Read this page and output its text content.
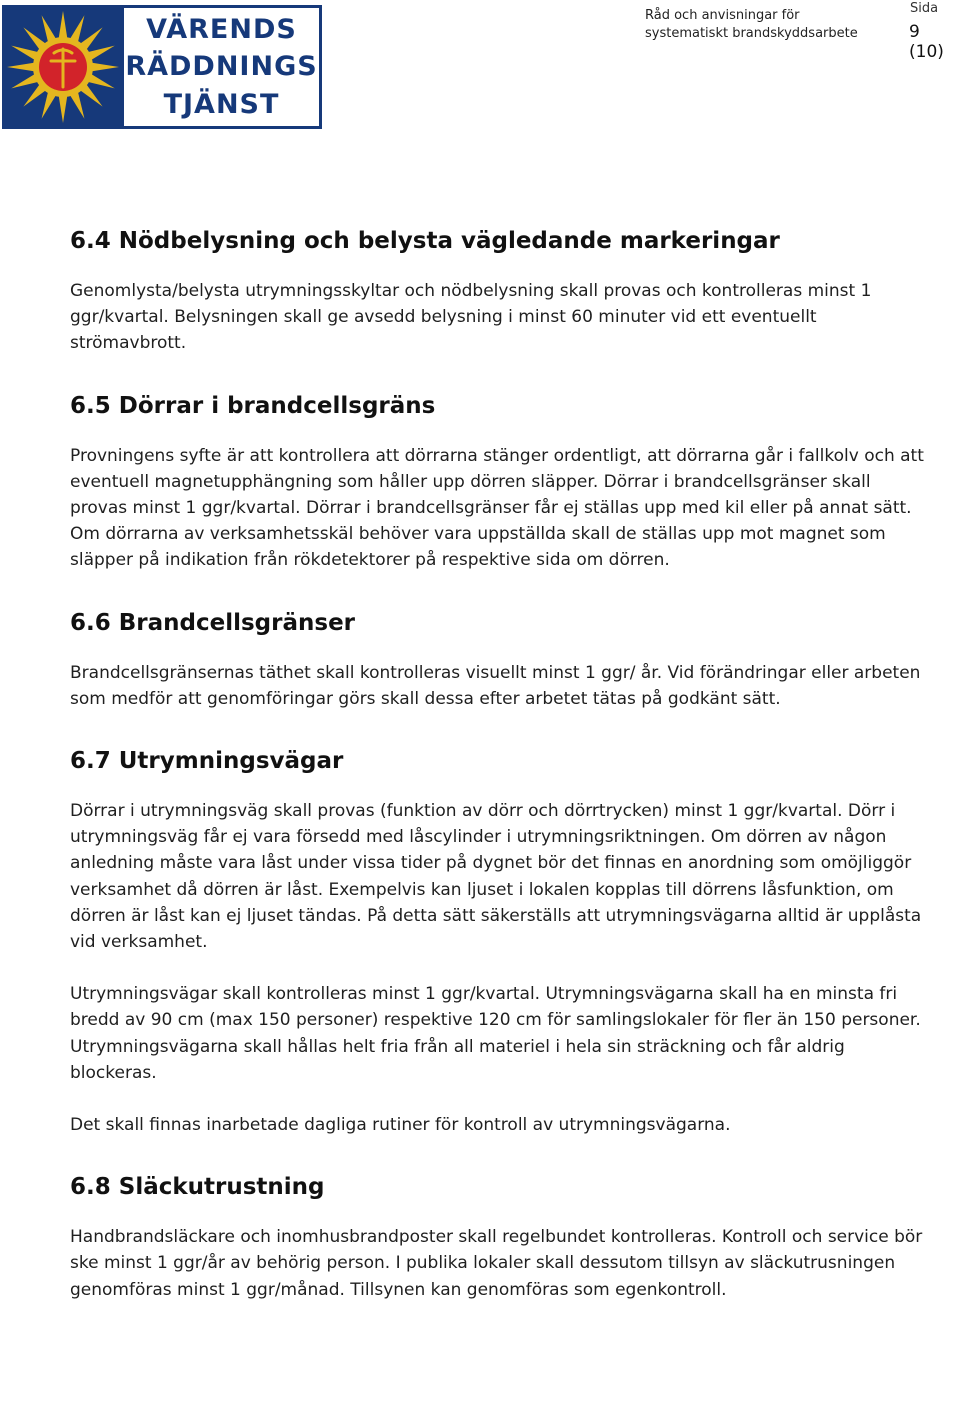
VÄRENDS
RÄDDNINGS
TJÄNST
Råd och anvisningar för
systematiskt brandskyddsarbete
Sida
9 (10)
6.4 Nödbelysning och belysta vägledande markeringar

Genomlysta/belysta utrymningsskyltar och nödbelysning skall provas och kontrolleras minst 1 ggr/kvartal. Belysningen skall ge avsedd belysning i minst 60 minuter vid ett eventuellt strömavbrott.

6.5 Dörrar i brandcellsgräns

Provningens syfte är att kontrollera att dörrarna stänger ordentligt, att dörrarna går i fallkolv och att eventuell magnetupphängning som håller upp dörren släpper. Dörrar i brandcellsgränser skall provas minst 1 ggr/kvartal. Dörrar i brandcellsgränser får ej ställas upp med kil eller på annat sätt. Om dörrarna av verksamhetsskäl behöver vara uppställda skall de ställas upp mot magnet som släpper på indikation från rökdetektorer på respektive sida om dörren.

6.6 Brandcellsgränser

Brandcellsgränsernas täthet skall kontrolleras visuellt minst 1 ggr/ år. Vid förändringar eller arbeten som medför att genomföringar görs skall dessa efter arbetet tätas på godkänt sätt.

6.7 Utrymningsvägar

Dörrar i utrymningsväg skall provas (funktion av dörr och dörrtrycken) minst 1 ggr/kvartal. Dörr i utrymningsväg får ej vara försedd med låscylinder i utrymningsriktningen. Om dörren av någon anledning måste vara låst under vissa tider på dygnet bör det finnas en anordning som omöjliggör verksamhet då dörren är låst. Exempelvis kan ljuset i lokalen kopplas till dörrens låsfunktion, om dörren är låst kan ej ljuset tändas. På detta sätt säkerställs att utrymningsvägarna alltid är upplåsta vid verksamhet.

Utrymningsvägar skall kontrolleras minst 1 ggr/kvartal. Utrymningsvägarna skall ha en minsta fri bredd av 90 cm (max 150 personer) respektive 120 cm för samlingslokaler för fler än 150 personer. Utrymningsvägarna skall hållas helt fria från all materiel i hela sin sträckning och får aldrig blockeras.

Det skall finnas inarbetade dagliga rutiner för kontroll av utrymningsvägarna.

6.8 Släckutrustning

Handbrandsläckare och inomhusbrandposter skall regelbundet kontrolleras. Kontroll och service bör ske minst 1 ggr/år av behörig person. I publika lokaler skall dessutom tillsyn av släckutrusningen genomföras minst 1 ggr/månad. Tillsynen kan genomföras som egenkontroll.
